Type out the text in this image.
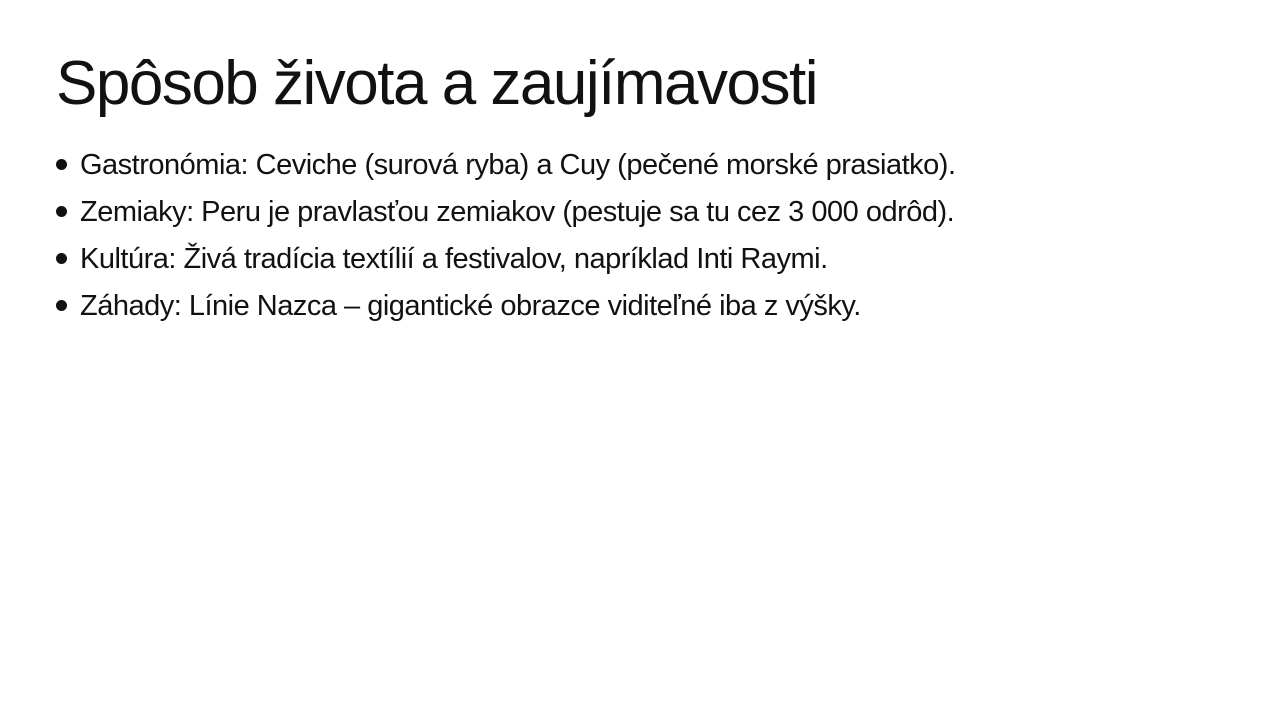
Spôsob života a zaujímavosti
Gastronómia: Ceviche (surová ryba) a Cuy (pečené morské prasiatko).
Zemiaky: Peru je pravlasťou zemiakov (pestuje sa tu cez 3 000 odrôd).
Kultúra: Živá tradícia textílií a festivalov, napríklad Inti Raymi.
Záhady: Línie Nazca – gigantické obrazce viditeľné iba z výšky.
